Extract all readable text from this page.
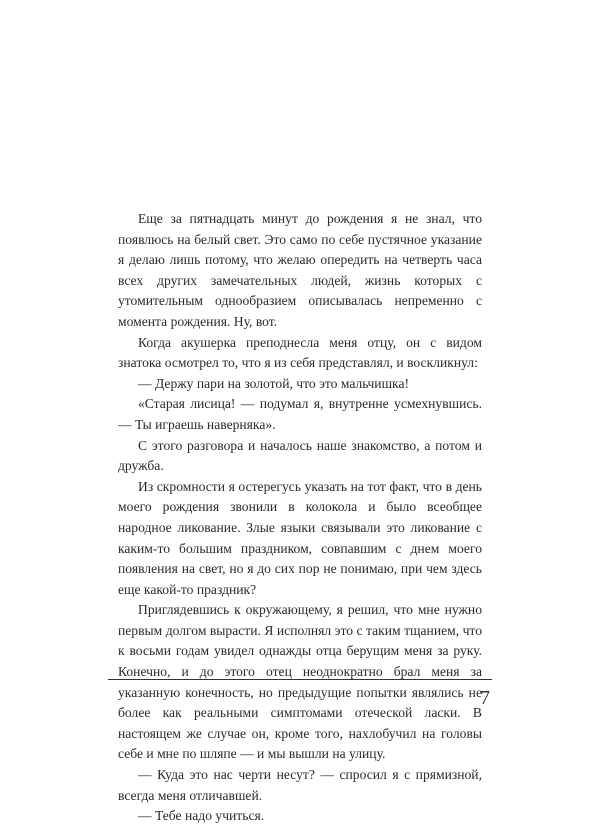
Еще за пятнадцать минут до рождения я не знал, что появлюсь на белый свет. Это само по себе пустячное указание я делаю лишь потому, что желаю опередить на четверть часа всех других замечательных людей, жизнь которых с утомительным однообразием описывалась непременно с момента рождения. Ну, вот.

Когда акушерка преподнесла меня отцу, он с видом знатока осмотрел то, что я из себя представлял, и воскликнул:

— Держу пари на золотой, что это мальчишка!

«Старая лисица! — подумал я, внутренне усмехнувшись. — Ты играешь наверняка».

С этого разговора и началось наше знакомство, а потом и дружба.

Из скромности я остерегусь указать на тот факт, что в день моего рождения звонили в колокола и было всеобщее народное ликование. Злые языки связывали это ликование с каким-то большим праздником, совпавшим с днем моего появления на свет, но я до сих пор не понимаю, при чем здесь еще какой-то праздник?

Приглядевшись к окружающему, я решил, что мне нужно первым долгом вырасти. Я исполнял это с таким тщанием, что к восьми годам увидел однажды отца берущим меня за руку. Конечно, и до этого отец неоднократно брал меня за указанную конечность, но предыдущие попытки являлись не более как реальными симптомами отеческой ласки. В настоящем же случае он, кроме того, нахлобучил на головы себе и мне по шляпе — и мы вышли на улицу.

— Куда это нас черти несут? — спросил я с прямизной, всегда меня отличавшей.

— Тебе надо учиться.

7
